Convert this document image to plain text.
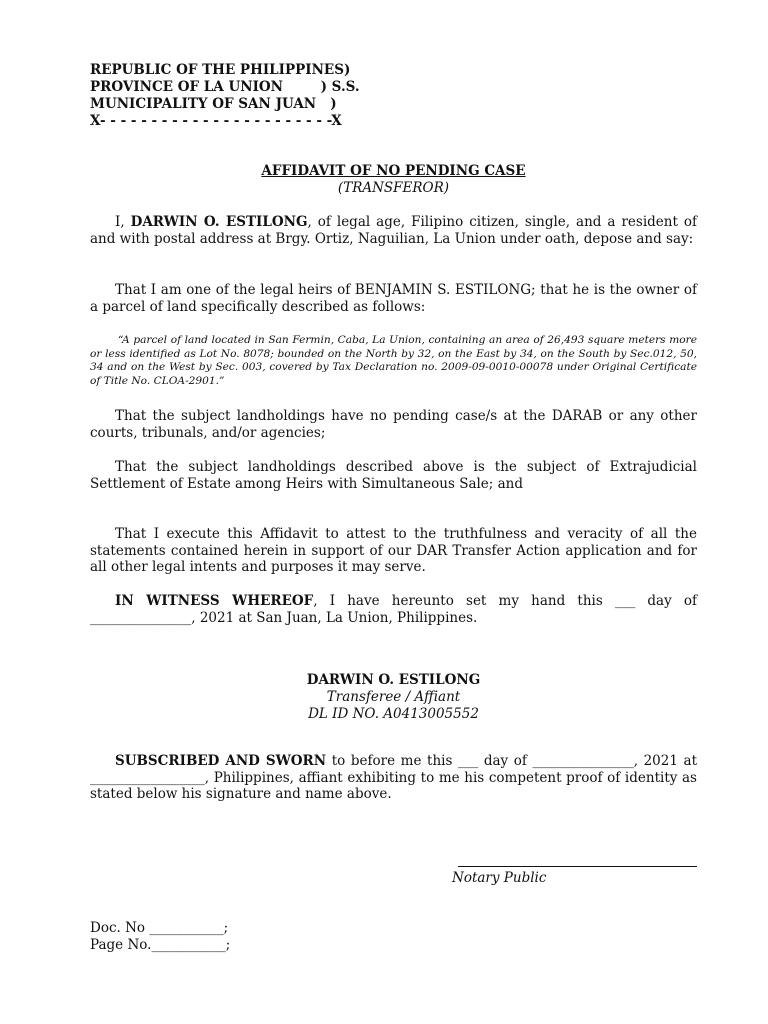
REPUBLIC OF THE PHILIPPINES)
PROVINCE OF LA UNION        ) S.S.
MUNICIPALITY OF SAN JUAN   )
X- - - - - - - - - - - - - - - - - - - - - - -X
AFFIDAVIT OF NO PENDING CASE
(TRANSFEROR)
I, DARWIN O. ESTILONG, of legal age, Filipino citizen, single, and a resident of and with postal address at Brgy. Ortiz, Naguilian, La Union under oath, depose and say:
That I am one of the legal heirs of BENJAMIN S. ESTILONG; that he is the owner of a parcel of land specifically described as follows:
“A parcel of land located in San Fermin, Caba, La Union, containing an area of 26,493 square meters more or less identified as Lot No. 8078; bounded on the North by 32, on the East by 34, on the South by Sec.012, 50, 34 and on the West by Sec. 003, covered by Tax Declaration no. 2009-09-0010-00078 under Original Certificate of Title No. CLOA-2901.”
That the subject landholdings have no pending case/s at the DARAB or any other courts, tribunals, and/or agencies;
That the subject landholdings described above is the subject of Extrajudicial Settlement of Estate among Heirs with Simultaneous Sale; and
That I execute this Affidavit to attest to the truthfulness and veracity of all the statements contained herein in support of our DAR Transfer Action application and for all other legal intents and purposes it may serve.
IN WITNESS WHEREOF, I have hereunto set my hand this ___ day of _______________, 2021 at San Juan, La Union, Philippines.
DARWIN O. ESTILONG
Transferee / Affiant
DL ID NO. A0413005552
SUBSCRIBED AND SWORN to before me this ___ day of _______________, 2021 at _________________, Philippines, affiant exhibiting to me his competent proof of identity as stated below his signature and name above.
Notary Public
Doc. No ___________;
Page No.___________;
